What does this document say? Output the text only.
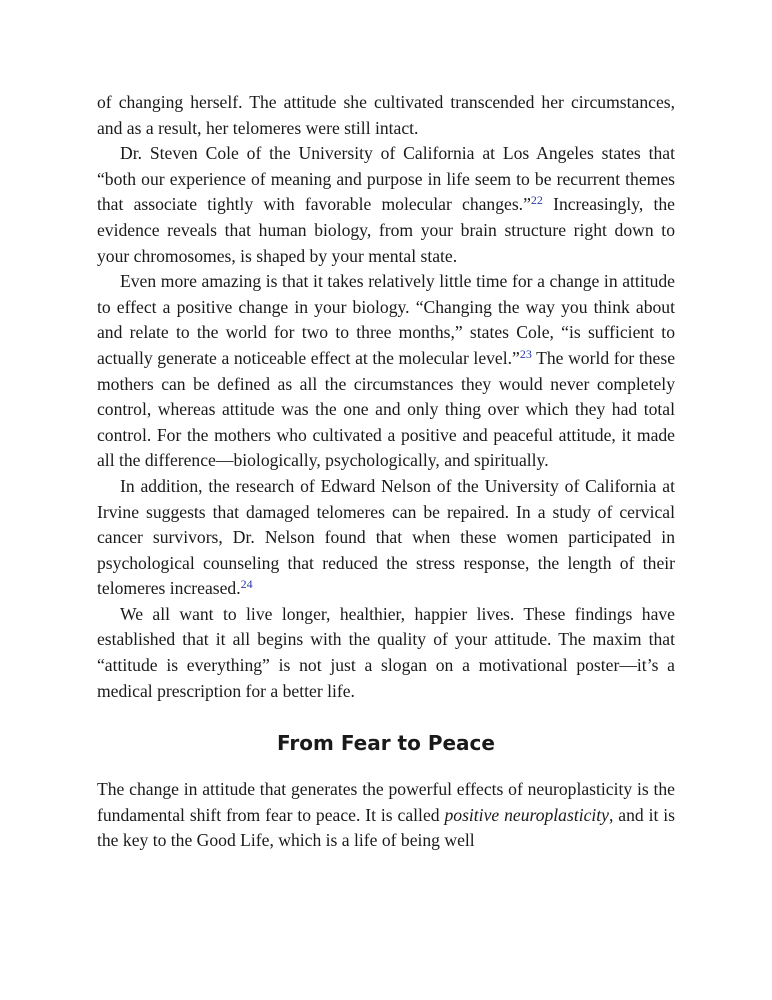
of changing herself. The attitude she cultivated transcended her circumstances, and as a result, her telomeres were still intact.

Dr. Steven Cole of the University of California at Los Angeles states that “both our experience of meaning and purpose in life seem to be recurrent themes that associate tightly with favorable molecular changes.”$^{22}$ Increasingly, the evidence reveals that human biology, from your brain structure right down to your chromosomes, is shaped by your mental state.

Even more amazing is that it takes relatively little time for a change in attitude to effect a positive change in your biology. “Changing the way you think about and relate to the world for two to three months,” states Cole, “is sufficient to actually generate a noticeable effect at the molecular level.”$^{23}$ The world for these mothers can be defined as all the circumstances they would never completely control, whereas attitude was the one and only thing over which they had total control. For the mothers who cultivated a positive and peaceful attitude, it made all the difference—biologically, psychologically, and spiritually.

In addition, the research of Edward Nelson of the University of California at Irvine suggests that damaged telomeres can be repaired. In a study of cervical cancer survivors, Dr. Nelson found that when these women participated in psychological counseling that reduced the stress response, the length of their telomeres increased.$^{24}$

We all want to live longer, healthier, happier lives. These findings have established that it all begins with the quality of your attitude. The maxim that “attitude is everything” is not just a slogan on a motivational poster—it’s a medical prescription for a better life.

From Fear to Peace

The change in attitude that generates the powerful effects of neuroplasticity is the fundamental shift from fear to peace. It is called positive neuroplasticity, and it is the key to the Good Life, which is a life of being well
